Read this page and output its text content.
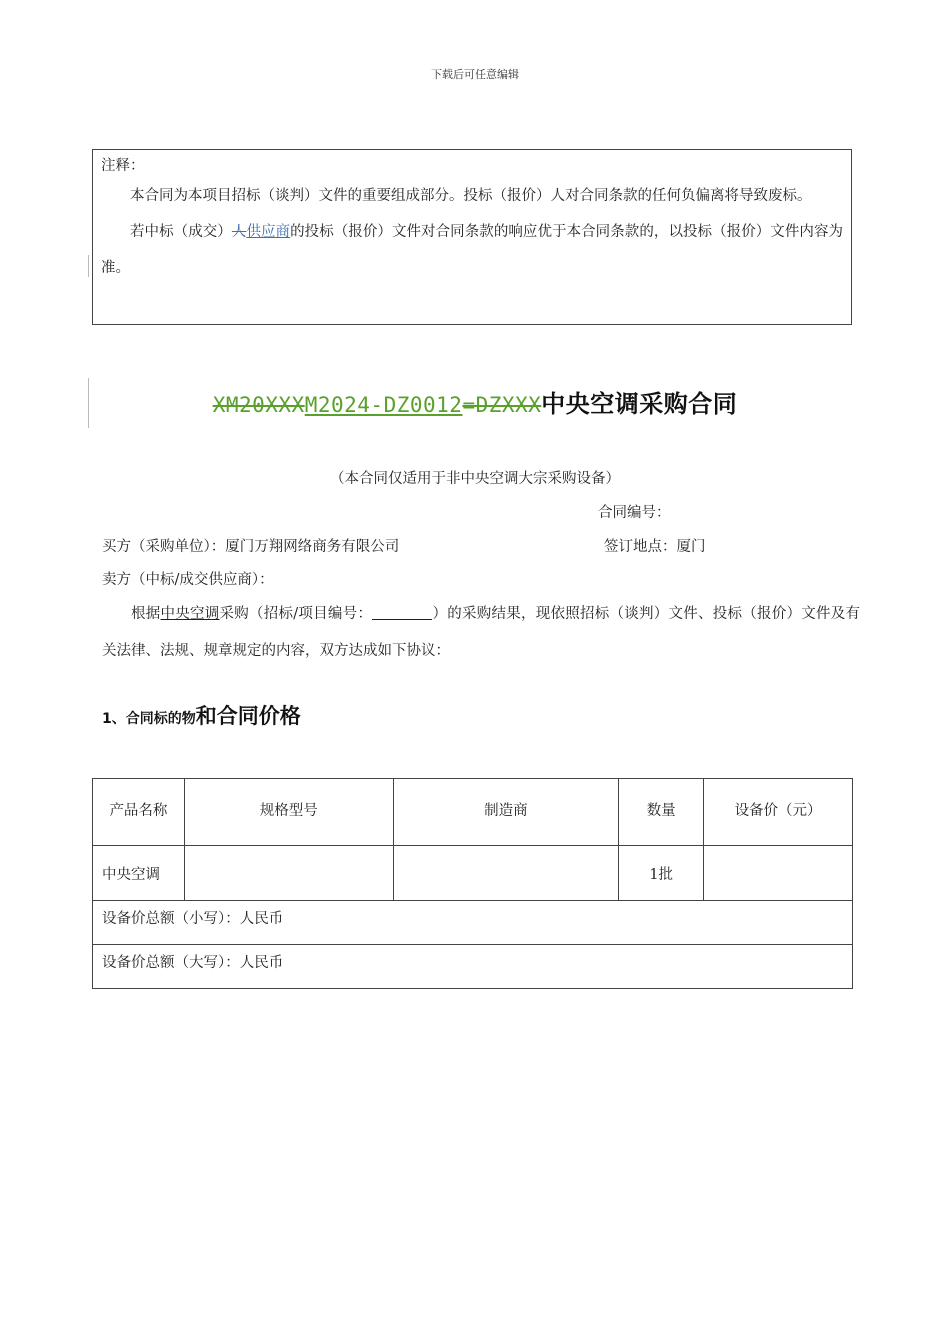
下载后可任意编辑
注释：

本合同为本项目招标（谈判）文件的重要组成部分。投标（报价）人对合同条款的任何负偏离将导致废标。

若中标（成交）人供应商的投标（报价）文件对合同条款的响应优于本合同条款的，以投标（报价）文件内容为准。

XM20XXXM2024-DZ0012=DZXXX中央空调采购合同
（本合同仅适用于非中央空调大宗采购设备）
合同编号：
买方（采购单位）：厦门万翔网络商务有限公司	签订地点：厦门
卖方（中标/成交供应商）：
根据中央空调采购（招标/项目编号：	）的采购结果，现依照招标（谈判）文件、投标（报价）文件及有关法律、法规、规章规定的内容，双方达成如下协议：
1、合同标的物和合同价格
产品名称	规格型号	制造商	数量	设备价（元）
中央空调			1批	
设备价总额（小写）：人民币				
设备价总额（大写）：人民币				
